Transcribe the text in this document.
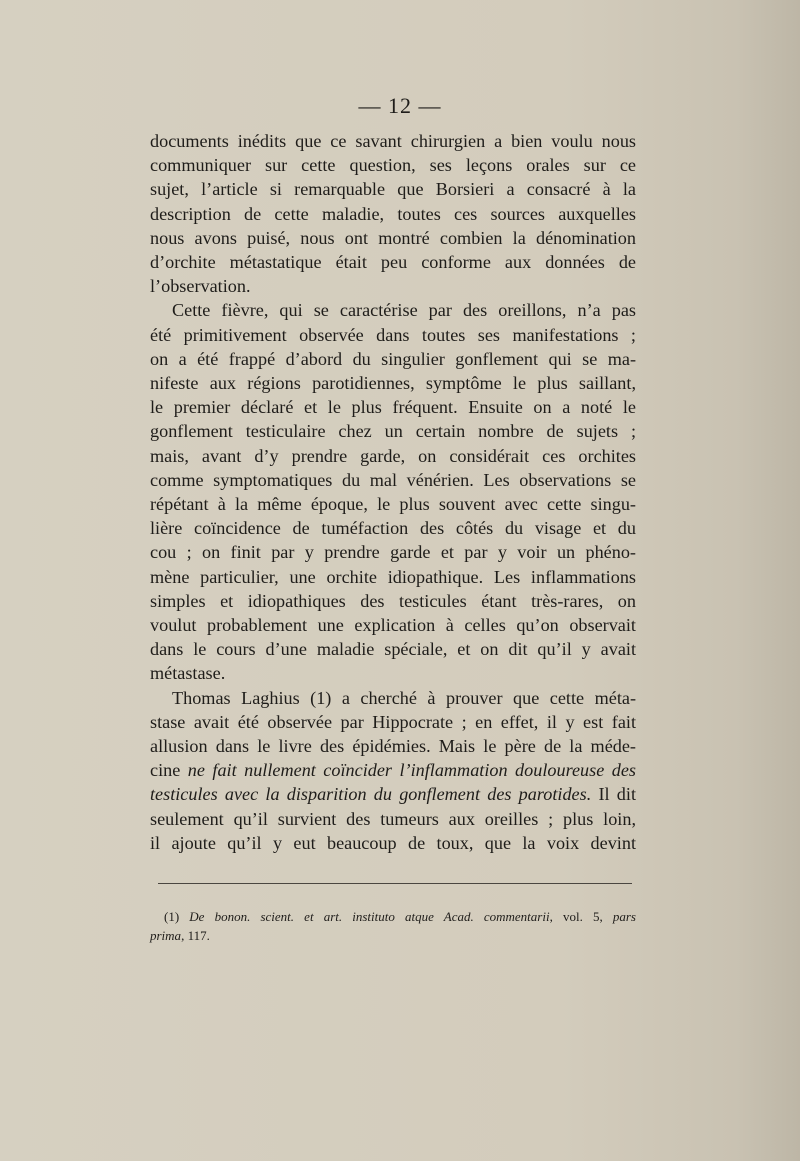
— 12 —
documents inédits que ce savant chirurgien a bien voulu nous
communiquer sur cette question, ses leçons orales sur ce
sujet, l’article si remarquable que Borsieri a consacré à la
description de cette maladie, toutes ces sources auxquelles
nous avons puisé, nous ont montré combien la dénomination
d’orchite métastatique était peu conforme aux données de
l’observation.
Cette fièvre, qui se caractérise par des oreillons, n’a pas
été primitivement observée dans toutes ses manifestations ;
on a été frappé d’abord du singulier gonflement qui se ma-
nifeste aux régions parotidiennes, symptôme le plus saillant,
le premier déclaré et le plus fréquent. Ensuite on a noté le
gonflement testiculaire chez un certain nombre de sujets ;
mais, avant d’y prendre garde, on considérait ces orchites
comme symptomatiques du mal vénérien. Les observations se
répétant à la même époque, le plus souvent avec cette singu-
lière coïncidence de tuméfaction des côtés du visage et du
cou ; on finit par y prendre garde et par y voir un phéno-
mène particulier, une orchite idiopathique. Les inflammations
simples et idiopathiques des testicules étant très-rares, on
voulut probablement une explication à celles qu’on observait
dans le cours d’une maladie spéciale, et on dit qu’il y avait
métastase.
Thomas Laghius (1) a cherché à prouver que cette méta-
stase avait été observée par Hippocrate ; en effet, il y est fait
allusion dans le livre des épidémies. Mais le père de la méde-
cine ne fait nullement coïncider l’inflammation douloureuse des
testicules avec la disparition du gonflement des parotides. Il dit
seulement qu’il survient des tumeurs aux oreilles ; plus loin,
il ajoute qu’il y eut beaucoup de toux, que la voix devint
(1) De bonon. scient. et art. instituto atque Acad. commentarii, vol. 5, pars
prima, 117.
